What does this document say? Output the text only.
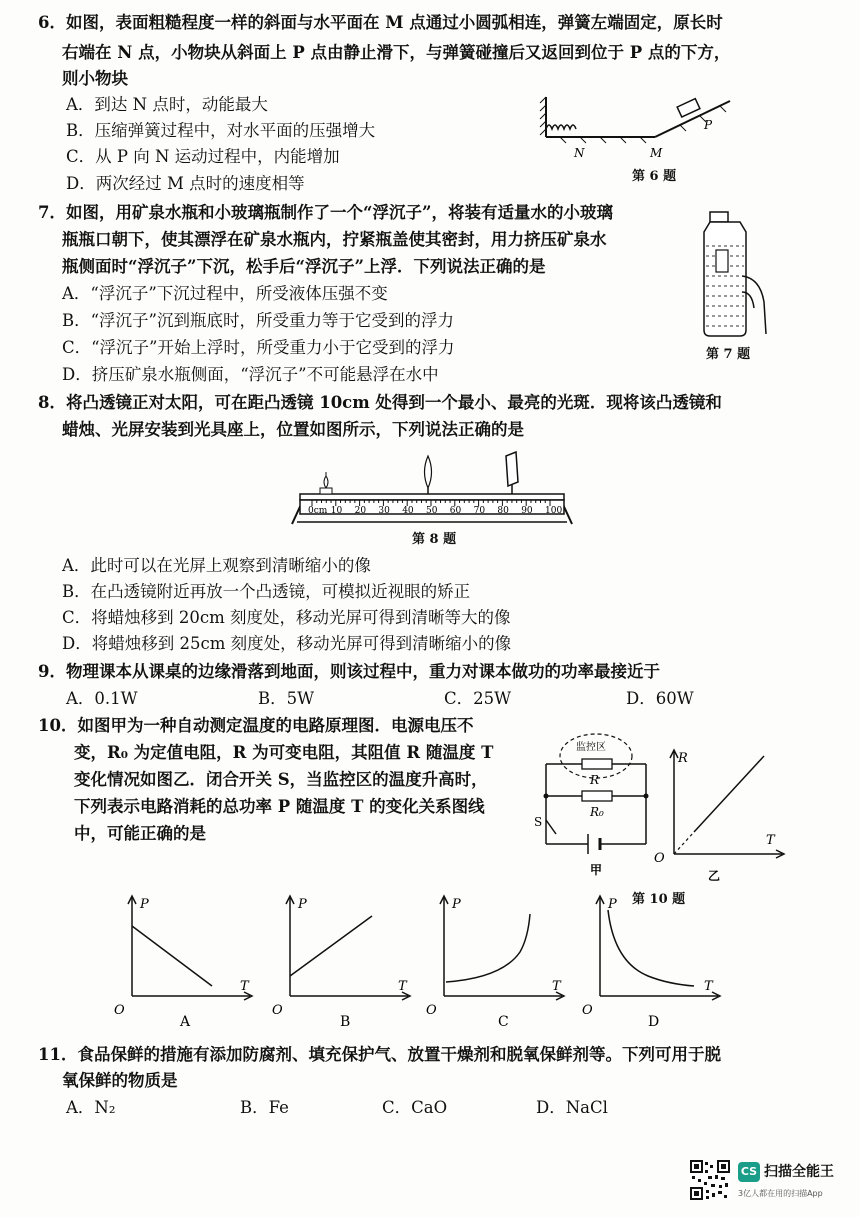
6．如图，表面粗糙程度一样的斜面与水平面在 M 点通过小圆弧相连，弹簧左端固定，原长时
右端在 N 点，小物块从斜面上 P 点由静止滑下，与弹簧碰撞后又返回到位于 P 点的下方，
则小物块
A．到达 N 点时，动能最大
B．压缩弹簧过程中，对水平面的压强增大
C．从 P 向 N 运动过程中，内能增加
D．两次经过 M 点时的速度相等
N	M
P
第 6 题
7．如图，用矿泉水瓶和小玻璃瓶制作了一个“浮沉子”，将装有适量水的小玻璃
瓶瓶口朝下，使其漂浮在矿泉水瓶内，拧紧瓶盖使其密封，用力挤压矿泉水
瓶侧面时“浮沉子”下沉，松手后“浮沉子”上浮．下列说法正确的是
A．“浮沉子”下沉过程中，所受液体压强不变
B．“浮沉子”沉到瓶底时，所受重力等于它受到的浮力
C．“浮沉子”开始上浮时，所受重力小于它受到的浮力
D．挤压矿泉水瓶侧面，“浮沉子”不可能悬浮在水中
第 7 题
8．将凸透镜正对太阳，可在距凸透镜 10cm 处得到一个最小、最亮的光斑．现将该凸透镜和
蜡烛、光屏安装到光具座上，位置如图所示，下列说法正确的是
0cm 10 20 30 40 50 60 70 80 90 100
第 8 题
A．此时可以在光屏上观察到清晰缩小的像
B．在凸透镜附近再放一个凸透镜，可模拟近视眼的矫正
C．将蜡烛移到 20cm 刻度处，移动光屏可得到清晰等大的像
D．将蜡烛移到 25cm 刻度处，移动光屏可得到清晰缩小的像
9．物理课本从课桌的边缘滑落到地面，则该过程中，重力对课本做功的功率最接近于
A．0.1W	B．5W	C．25W	D．60W
10．如图甲为一种自动测定温度的电路原理图．电源电压不
变，R₀ 为定值电阻，R 为可变电阻，其阻值 R 随温度 T
变化情况如图乙．闭合开关 S，当监控区的温度升高时，
下列表示电路消耗的总功率 P 随温度 T 的变化关系图线
中，可能正确的是
监控区
R
R₀
S
甲
R
T
O
乙
第 10 题
P
T
O
A
P
T
O
B
P
T
O
C
P
T
O
D
11．食品保鲜的措施有添加防腐剂、填充保护气、放置干燥剂和脱氧保鲜剂等。下列可用于脱
氧保鲜的物质是
A．N₂	B．Fe	C．CaO	D．NaCl
CS 扫描全能王
3亿人都在用的扫描App
